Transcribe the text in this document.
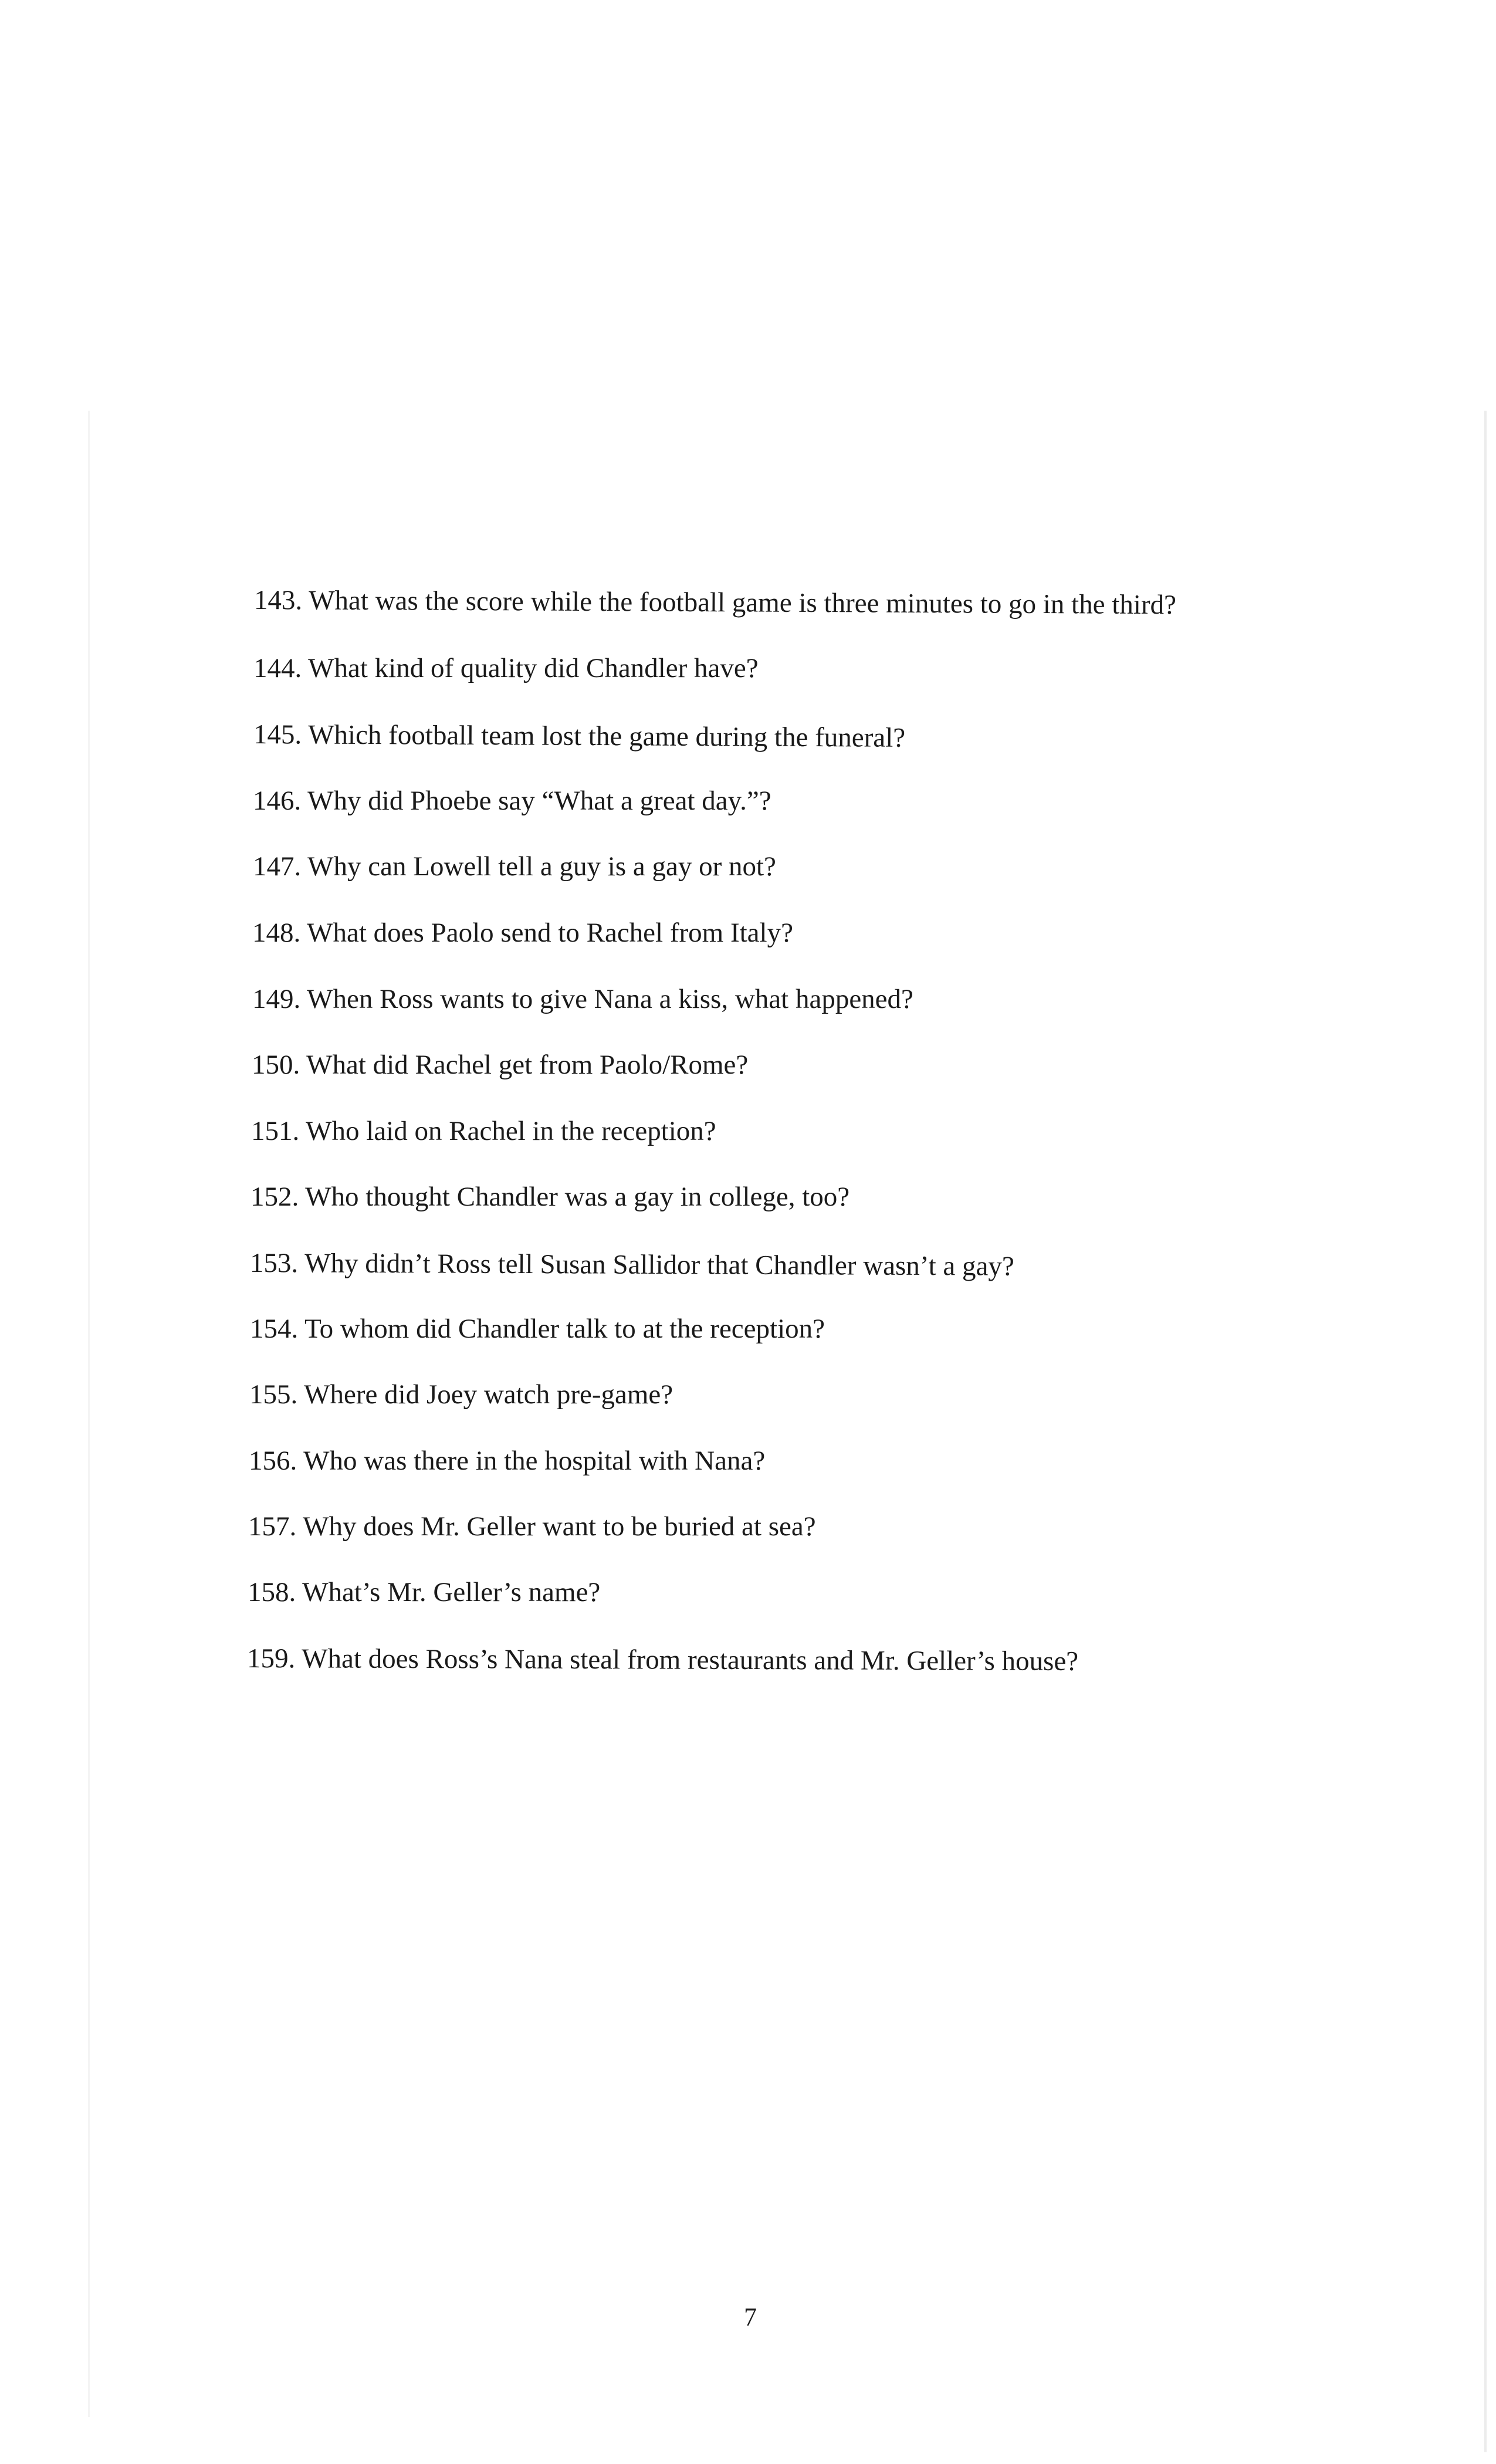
143. What was the score while the football game is three minutes to go in the third?
144. What kind of quality did Chandler have?
145. Which football team lost the game during the funeral?
146. Why did Phoebe say “What a great day.”?
147. Why can Lowell tell a guy is a gay or not?
148. What does Paolo send to Rachel from Italy?
149. When Ross wants to give Nana a kiss, what happened?
150. What did Rachel get from Paolo/Rome?
151. Who laid on Rachel in the reception?
152. Who thought Chandler was a gay in college, too?
153. Why didn’t Ross tell Susan Sallidor that Chandler wasn’t a gay?
154. To whom did Chandler talk to at the reception?
155. Where did Joey watch pre-game?
156. Who was there in the hospital with Nana?
157. Why does Mr. Geller want to be buried at sea?
158. What’s Mr. Geller’s name?
159. What does Ross’s Nana steal from restaurants and Mr. Geller’s house?
7
